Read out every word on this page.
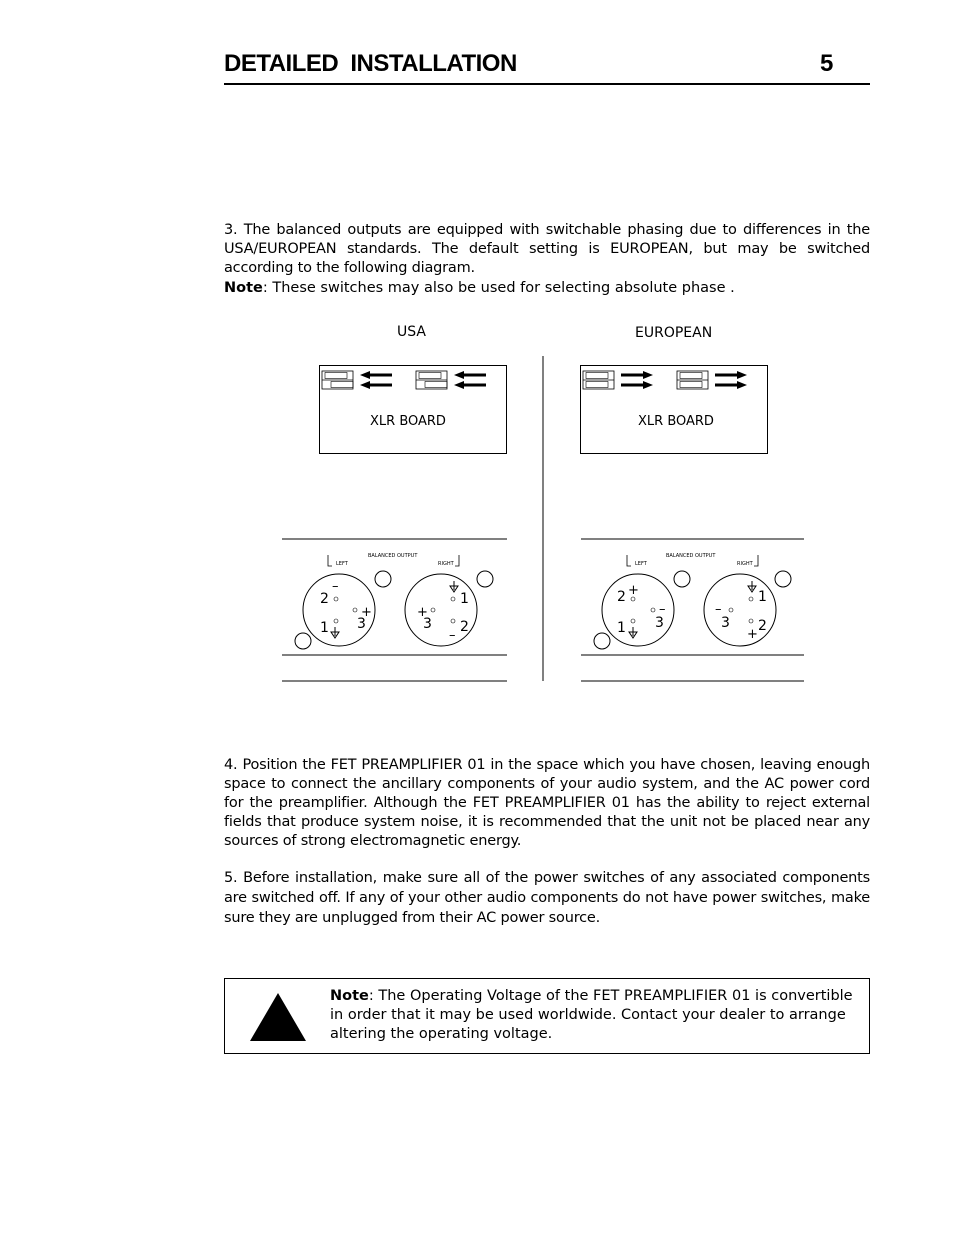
DETAILED INSTALLATION	5
3. The balanced outputs are equipped with switchable phasing due to differences in the USA/EUROPEAN standards. The default setting is EUROPEAN, but may be switched according to the following diagram.
Note: These switches may also be used for selecting absolute phase .
USA	EUROPEAN
XLR BOARD	XLR BOARD
BALANCED OUTPUT
LEFT	RIGHT
–
2
+
3
1
1
+
3 2
–
BALANCED OUTPUT
LEFT	RIGHT
+
2
–
3
1
1
–
3 2
+
4. Position the FET PREAMPLIFIER 01 in the space which you have chosen, leaving enough space to connect the ancillary components of your audio system, and the AC power cord for the preamplifier. Although the FET PREAMPLIFIER 01 has the ability to reject external fields that produce system noise, it is recommended that the unit not be placed near any sources of strong electromagnetic energy.
5. Before installation, make sure all of the power switches of any associated components are switched off. If any of your other audio components do not have power switches, make sure they are unplugged from their AC power source.
Note: The Operating Voltage of the FET PREAMPLIFIER 01 is convertible in order that it may be used worldwide. Contact your dealer to arrange altering the operating voltage.
